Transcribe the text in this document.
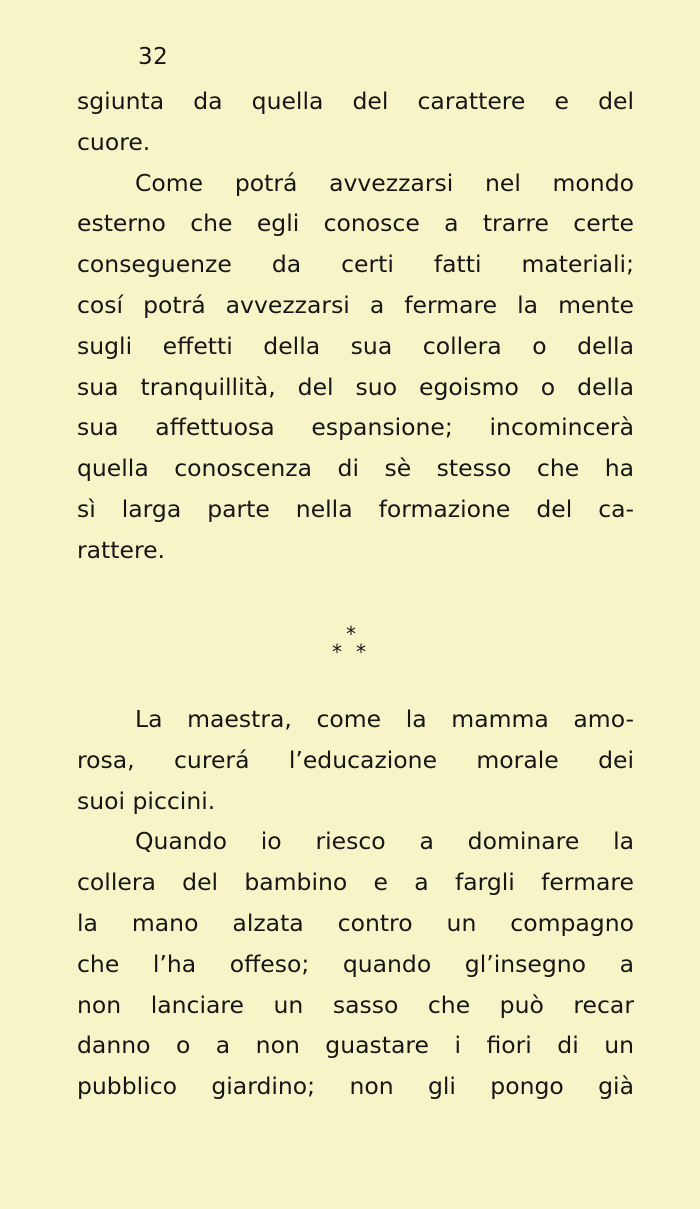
32
sgiunta da quella del carattere e del
cuore.
Come potrá avvezzarsi nel mondo
esterno che egli conosce a trarre certe
conseguenze da certi fatti materiali;
cosí potrá avvezzarsi a fermare la mente
sugli effetti della sua collera o della
sua tranquillità, del suo egoismo o della
sua affettuosa espansione; incomincerà
quella conoscenza di sè stesso che ha
sì larga parte nella formazione del ca-
rattere.
*
* *
La maestra, come la mamma amo-
rosa, curerá l’educazione morale dei
suoi piccini.
Quando io riesco a dominare la
collera del bambino e a fargli fermare
la mano alzata contro un compagno
che l’ha offeso; quando gl’insegno a
non lanciare un sasso che può recar
danno o a non guastare i fiori di un
pubblico giardino; non gli pongo già
